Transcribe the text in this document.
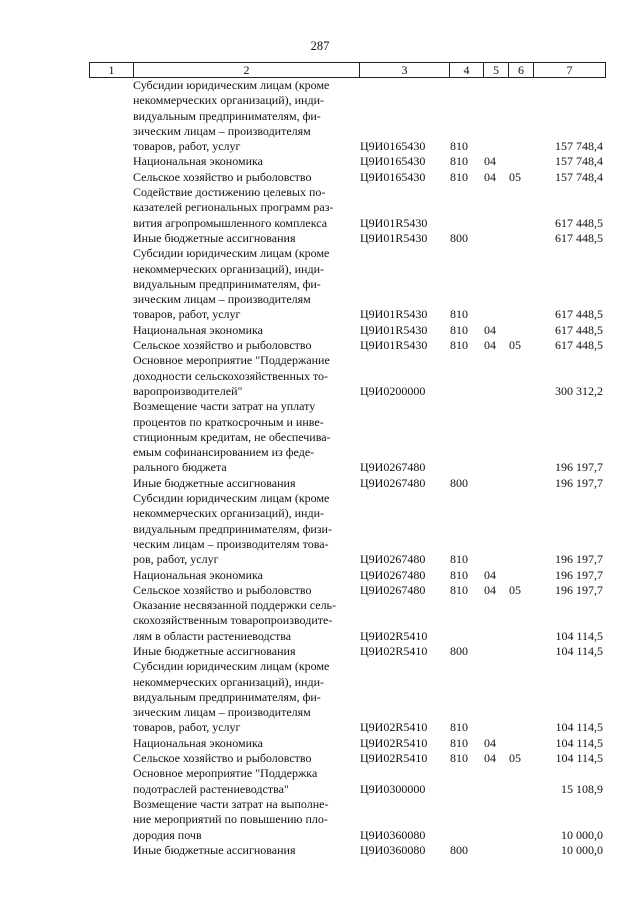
287
1	2	3	4	5	6	7
Субсидии юридическим лицам (кроме
некоммерческих организаций), инди-
видуальным предпринимателям, фи-
зическим лицам – производителям
товаров, работ, услуг	Ц9И0165430 810	157 748,4
Национальная экономика	Ц9И0165430 810 04	157 748,4
Сельское хозяйство и рыболовство	Ц9И0165430 810 04 05	157 748,4
Содействие достижению целевых по-
казателей региональных программ раз-
вития агропромышленного комплекса	Ц9И01R5430	617 448,5
Иные бюджетные ассигнования	Ц9И01R5430 800	617 448,5
Субсидии юридическим лицам (кроме
некоммерческих организаций), инди-
видуальным предпринимателям, фи-
зическим лицам – производителям
товаров, работ, услуг	Ц9И01R5430 810	617 448,5
Национальная экономика	Ц9И01R5430 810 04	617 448,5
Сельское хозяйство и рыболовство	Ц9И01R5430 810 04 05	617 448,5
Основное мероприятие "Поддержание
доходности сельскохозяйственных то-
варопроизводителей"	Ц9И0200000	300 312,2
Возмещение части затрат на уплату
процентов по краткосрочным и инве-
стиционным кредитам, не обеспечива-
емым софинансированием из феде-
рального бюджета	Ц9И0267480	196 197,7
Иные бюджетные ассигнования	Ц9И0267480 800	196 197,7
Субсидии юридическим лицам (кроме
некоммерческих организаций), инди-
видуальным предпринимателям, физи-
ческим лицам – производителям това-
ров, работ, услуг	Ц9И0267480 810	196 197,7
Национальная экономика	Ц9И0267480 810 04	196 197,7
Сельское хозяйство и рыболовство	Ц9И0267480 810 04 05	196 197,7
Оказание несвязанной поддержки сель-
скохозяйственным товаропроизводите-
лям в области растениеводства	Ц9И02R5410	104 114,5
Иные бюджетные ассигнования	Ц9И02R5410 800	104 114,5
Субсидии юридическим лицам (кроме
некоммерческих организаций), инди-
видуальным предпринимателям, фи-
зическим лицам – производителям
товаров, работ, услуг	Ц9И02R5410 810	104 114,5
Национальная экономика	Ц9И02R5410 810 04	104 114,5
Сельское хозяйство и рыболовство	Ц9И02R5410 810 04 05	104 114,5
Основное мероприятие "Поддержка
подотраслей растениеводства"	Ц9И0300000	15 108,9
Возмещение части затрат на выполне-
ние мероприятий по повышению пло-
дородия почв	Ц9И0360080	10 000,0
Иные бюджетные ассигнования	Ц9И0360080 800	10 000,0
